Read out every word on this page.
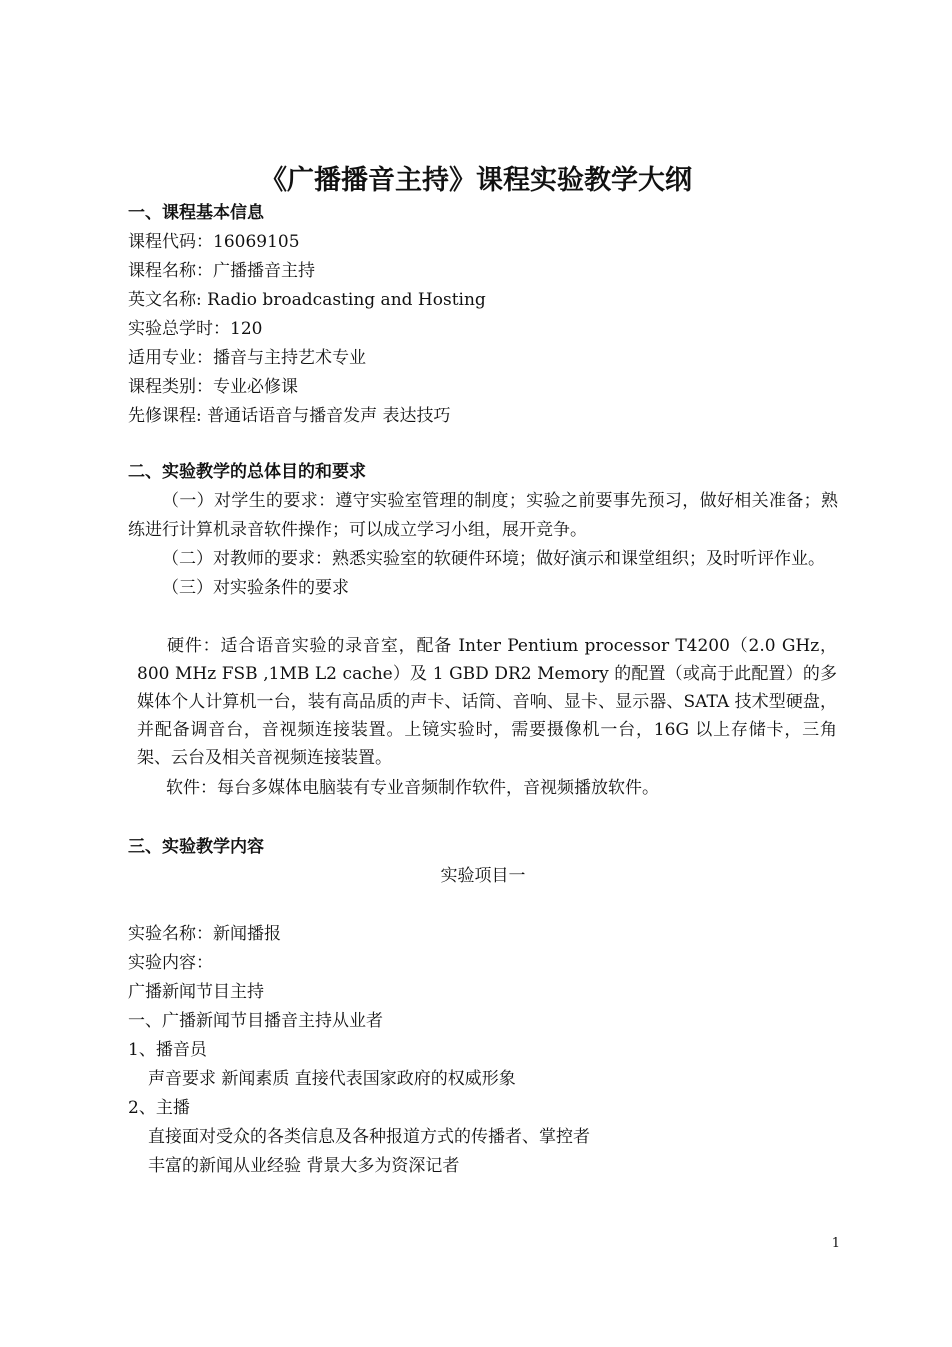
《广播播音主持》课程实验教学大纲
一、课程基本信息
课程代码：16069105
课程名称：广播播音主持
英文名称: Radio broadcasting and Hosting
实验总学时：120
适用专业：播音与主持艺术专业
课程类别：专业必修课
先修课程: 普通话语音与播音发声 表达技巧
二、实验教学的总体目的和要求
（一）对学生的要求：遵守实验室管理的制度；实验之前要事先预习，做好相关准备；熟练进行计算机录音软件操作；可以成立学习小组，展开竞争。
（二）对教师的要求：熟悉实验室的软硬件环境；做好演示和课堂组织；及时听评作业。
（三）对实验条件的要求
硬件：适合语音实验的录音室，配备 Inter Pentium processor T4200（2.0 GHz，800 MHz FSB ,1MB L2 cache）及 1 GBD DR2 Memory 的配置（或高于此配置）的多媒体个人计算机一台，装有高品质的声卡、话筒、音响、显卡、显示器、SATA 技术型硬盘，并配备调音台，音视频连接装置。上镜实验时，需要摄像机一台，16G 以上存储卡，三角架、云台及相关音视频连接装置。
软件：每台多媒体电脑装有专业音频制作软件，音视频播放软件。
三、实验教学内容
实验项目一
实验名称：新闻播报
实验内容：
广播新闻节目主持
一、广播新闻节目播音主持从业者
1、播音员
声音要求 新闻素质 直接代表国家政府的权威形象
2、主播
直接面对受众的各类信息及各种报道方式的传播者、掌控者
丰富的新闻从业经验 背景大多为资深记者
1
